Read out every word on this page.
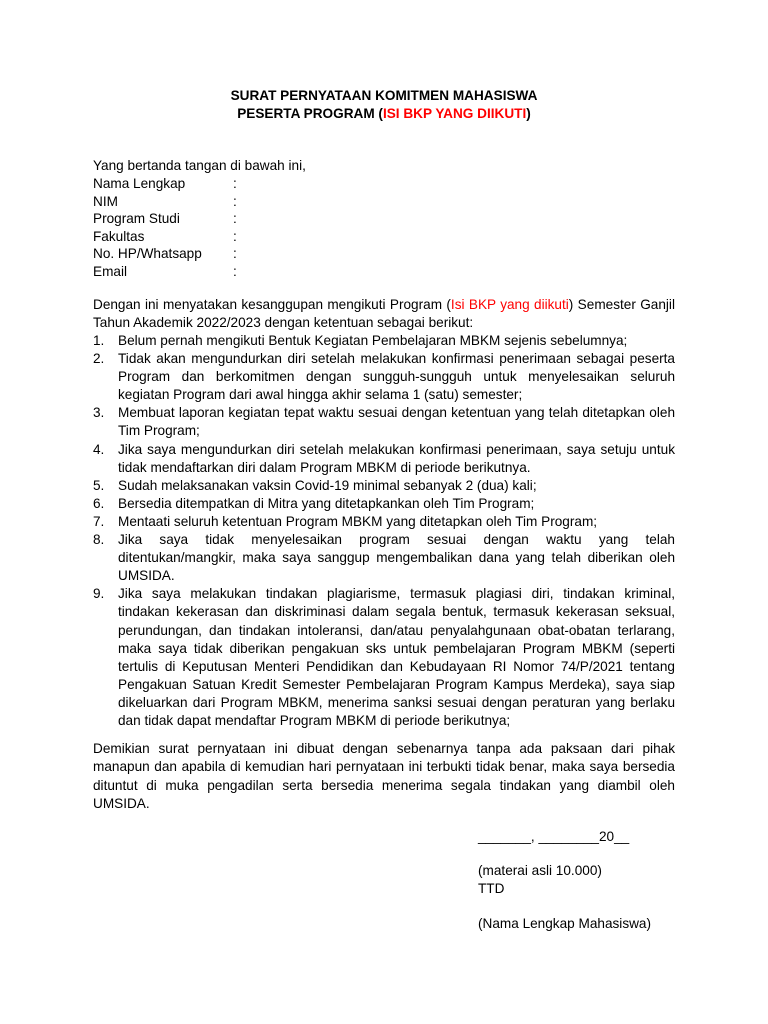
SURAT PERNYATAAN KOMITMEN MAHASISWA
PESERTA PROGRAM (ISI BKP YANG DIIKUTI)
Yang bertanda tangan di bawah ini,
Nama Lengkap	:
NIM	:
Program Studi	:
Fakultas	:
No. HP/Whatsapp	:
Email	:
Dengan ini menyatakan kesanggupan mengikuti Program (Isi BKP yang diikuti) Semester Ganjil Tahun Akademik 2022/2023 dengan ketentuan sebagai berikut:
1.	Belum pernah mengikuti Bentuk Kegiatan Pembelajaran MBKM sejenis sebelumnya;
2.	Tidak akan mengundurkan diri setelah melakukan konfirmasi penerimaan sebagai peserta Program dan berkomitmen dengan sungguh-sungguh untuk menyelesaikan seluruh kegiatan Program dari awal hingga akhir selama 1 (satu) semester;
3.	Membuat laporan kegiatan tepat waktu sesuai dengan ketentuan yang telah ditetapkan oleh Tim Program;
4.	Jika saya mengundurkan diri setelah melakukan konfirmasi penerimaan, saya setuju untuk tidak mendaftarkan diri dalam Program MBKM di periode berikutnya.
5.	Sudah melaksanakan vaksin Covid-19 minimal sebanyak 2 (dua) kali;
6.	Bersedia ditempatkan di Mitra yang ditetapkankan oleh Tim Program;
7.	Mentaati seluruh ketentuan Program MBKM yang ditetapkan oleh Tim Program;
8.	Jika saya tidak menyelesaikan program sesuai dengan waktu yang telah ditentukan/mangkir, maka saya sanggup mengembalikan dana yang telah diberikan oleh UMSIDA.
9.	Jika saya melakukan tindakan plagiarisme, termasuk plagiasi diri, tindakan kriminal, tindakan kekerasan dan diskriminasi dalam segala bentuk, termasuk kekerasan seksual, perundungan, dan tindakan intoleransi, dan/atau penyalahgunaan obat-obatan terlarang, maka saya tidak diberikan pengakuan sks untuk pembelajaran Program MBKM (seperti tertulis di Keputusan Menteri Pendidikan dan Kebudayaan RI Nomor 74/P/2021 tentang Pengakuan Satuan Kredit Semester Pembelajaran Program Kampus Merdeka), saya siap dikeluarkan dari Program MBKM, menerima sanksi sesuai dengan peraturan yang berlaku dan tidak dapat mendaftar Program MBKM di periode berikutnya;
Demikian surat pernyataan ini dibuat dengan sebenarnya tanpa ada paksaan dari pihak manapun dan apabila di kemudian hari pernyataan ini terbukti tidak benar, maka saya bersedia dituntut di muka pengadilan serta bersedia menerima segala tindakan yang diambil oleh UMSIDA.
_______, ________20__
(materai asli 10.000)
TTD
(Nama Lengkap Mahasiswa)
